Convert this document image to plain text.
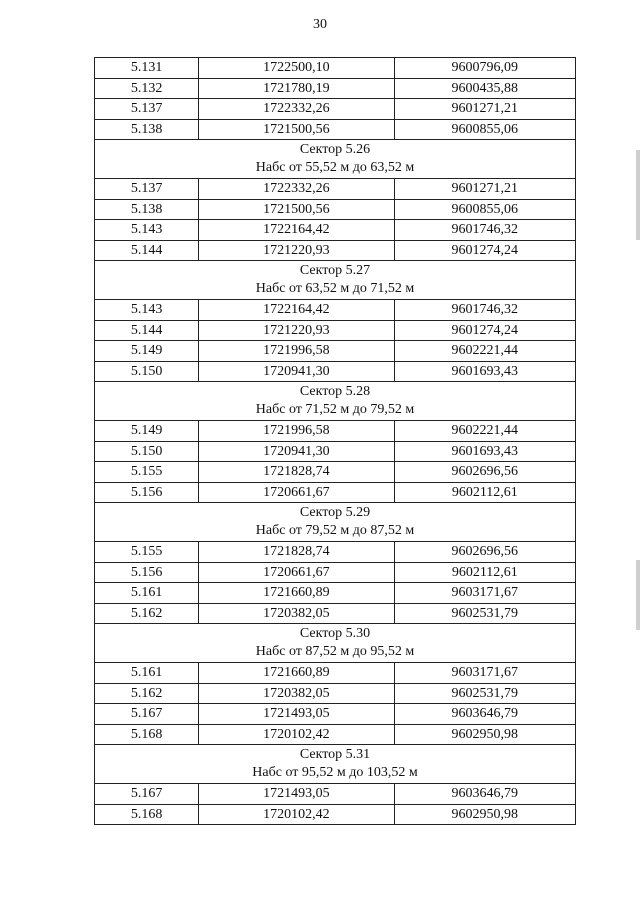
30
5.131	1722500,10	9600796,09
5.132	1721780,19	9600435,88
5.137	1722332,26	9601271,21
5.138	1721500,56	9600855,06

Сектор 5.26
Набс от 55,52 м до 63,52 м		

5.137	1722332,26	9601271,21
5.138	1721500,56	9600855,06
5.143	1722164,42	9601746,32
5.144	1721220,93	9601274,24

Сектор 5.27
Набс от 63,52 м до 71,52 м		

5.143	1722164,42	9601746,32
5.144	1721220,93	9601274,24
5.149	1721996,58	9602221,44
5.150	1720941,30	9601693,43

Сектор 5.28
Набс от 71,52 м до 79,52 м		

5.149	1721996,58	9602221,44
5.150	1720941,30	9601693,43
5.155	1721828,74	9602696,56
5.156	1720661,67	9602112,61

Сектор 5.29
Набс от 79,52 м до 87,52 м		

5.155	1721828,74	9602696,56
5.156	1720661,67	9602112,61
5.161	1721660,89	9603171,67
5.162	1720382,05	9602531,79

Сектор 5.30
Набс от 87,52 м до 95,52 м		

5.161	1721660,89	9603171,67
5.162	1720382,05	9602531,79
5.167	1721493,05	9603646,79
5.168	1720102,42	9602950,98

Сектор 5.31
Набс от 95,52 м до 103,52 м		

5.167	1721493,05	9603646,79
5.168	1720102,42	9602950,98
